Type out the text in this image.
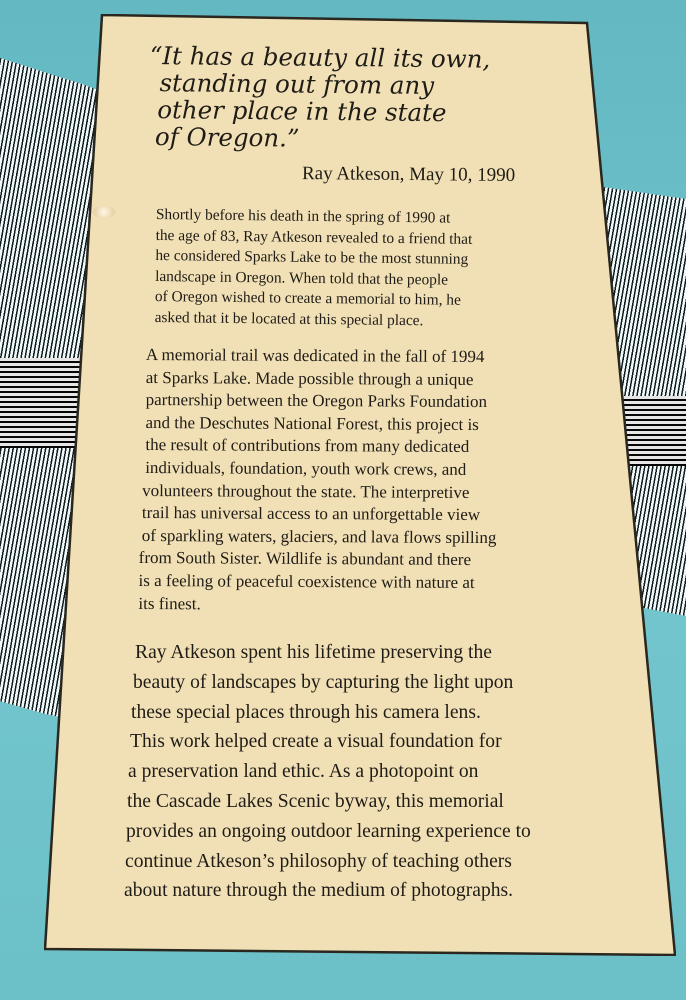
“It has a beauty all its own,
standing out from any
other place in the state
of Oregon.”
Ray Atkeson, May 10, 1990
Shortly before his death in the spring of 1990 at
the age of 83, Ray Atkeson revealed to a friend that
he considered Sparks Lake to be the most stunning
landscape in Oregon. When told that the people
of Oregon wished to create a memorial to him, he
asked that it be located at this special place.
A memorial trail was dedicated in the fall of 1994
at Sparks Lake. Made possible through a unique
partnership between the Oregon Parks Foundation
and the Deschutes National Forest, this project is
the result of contributions from many dedicated
individuals, foundation, youth work crews, and
volunteers throughout the state. The interpretive
trail has universal access to an unforgettable view
of sparkling waters, glaciers, and lava flows spilling
from South Sister. Wildlife is abundant and there
is a feeling of peaceful coexistence with nature at
its finest.
Ray Atkeson spent his lifetime preserving the
beauty of landscapes by capturing the light upon
these special places through his camera lens.
This work helped create a visual foundation for
a preservation land ethic. As a photopoint on
the Cascade Lakes Scenic byway, this memorial
provides an ongoing outdoor learning experience to
continue Atkeson’s philosophy of teaching others
about nature through the medium of photographs.
